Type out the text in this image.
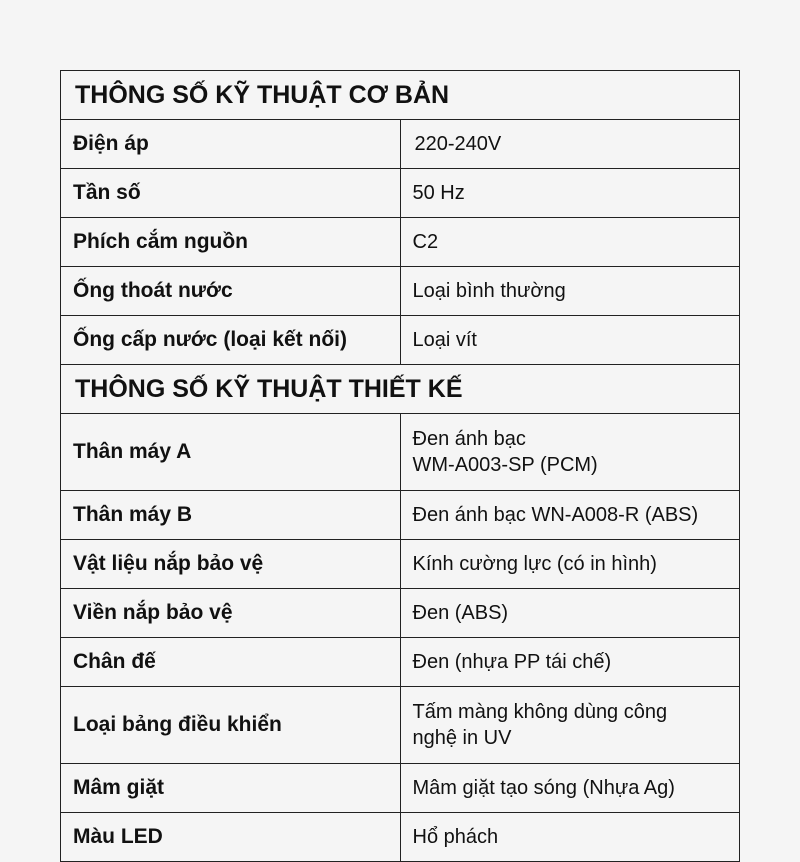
THÔNG SỐ KỸ THUẬT CƠ BẢN	
Điện áp	220-240V

Tần số	50 Hz

Phích cắm nguồn	C2

Ống thoát nước	Loại bình thường

Ống cấp nước (loại kết nối)	Loại vít

THÔNG SỐ KỸ THUẬT THIẾT KẾ	
Thân máy A	Đen ánh bạc
WM-A003-SP (PCM)

Thân máy B	Đen ánh bạc WN-A008-R (ABS)

Vật liệu nắp bảo vệ	Kính cường lực (có in hình)

Viền nắp bảo vệ	Đen (ABS)

Chân đế	Đen (nhựa PP tái chế)

Loại bảng điều khiển	Tấm màng không dùng công
nghệ in UV

Mâm giặt	Mâm giặt tạo sóng (Nhựa Ag)

Màu LED	Hổ phách
